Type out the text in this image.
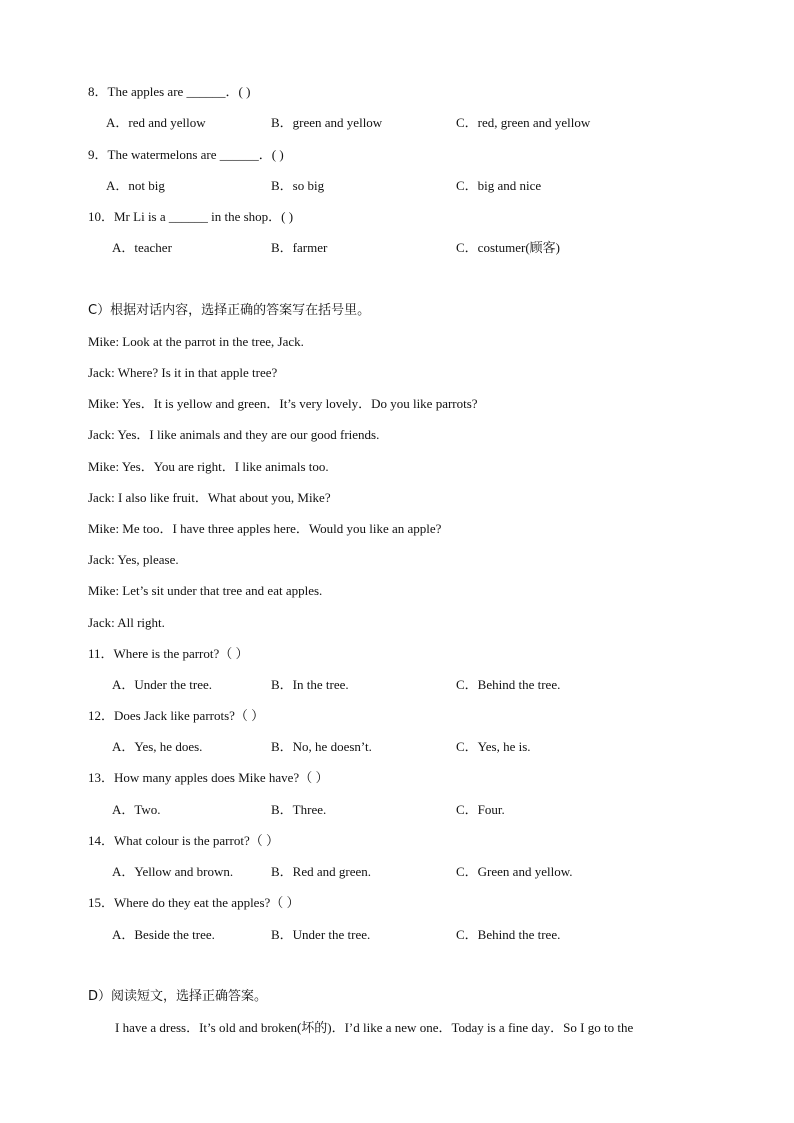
8．The apples are ______．( )
A．red and yellow	B．green and yellow	C．red, green and yellow
9．The watermelons are ______．( )
A．not big	B．so big	C．big and nice
10．Mr Li is a ______ in the shop．( )
A．teacher	B．farmer	C．costumer(顾客)
C）根据对话内容，选择正确的答案写在括号里。
Mike: Look at the parrot in the tree, Jack.
Jack: Where? Is it in that apple tree?
Mike: Yes．It is yellow and green．It’s very lovely．Do you like parrots?
Jack: Yes．I like animals and they are our good friends.
Mike: Yes．You are right．I like animals too.
Jack: I also like fruit．What about you, Mike?
Mike: Me too．I have three apples here．Would you like an apple?
Jack: Yes, please.
Mike: Let’s sit under that tree and eat apples.
Jack: All right.
11．Where is the parrot?（ ）
A．Under the tree.	B．In the tree.	C．Behind the tree.
12．Does Jack like parrots?（ ）
A．Yes, he does.	B．No, he doesn’t.	C．Yes, he is.
13．How many apples does Mike have?（ ）
A．Two.	B．Three.	C．Four.
14．What colour is the parrot?（ ）
A．Yellow and brown.	B．Red and green.	C．Green and yellow.
15．Where do they eat the apples?（ ）
A．Beside the tree.	B．Under the tree.	C．Behind the tree.
D）阅读短文，选择正确答案。
I have a dress．It’s old and broken(坏的)．I’d like a new one．Today is a fine day．So I go to the
